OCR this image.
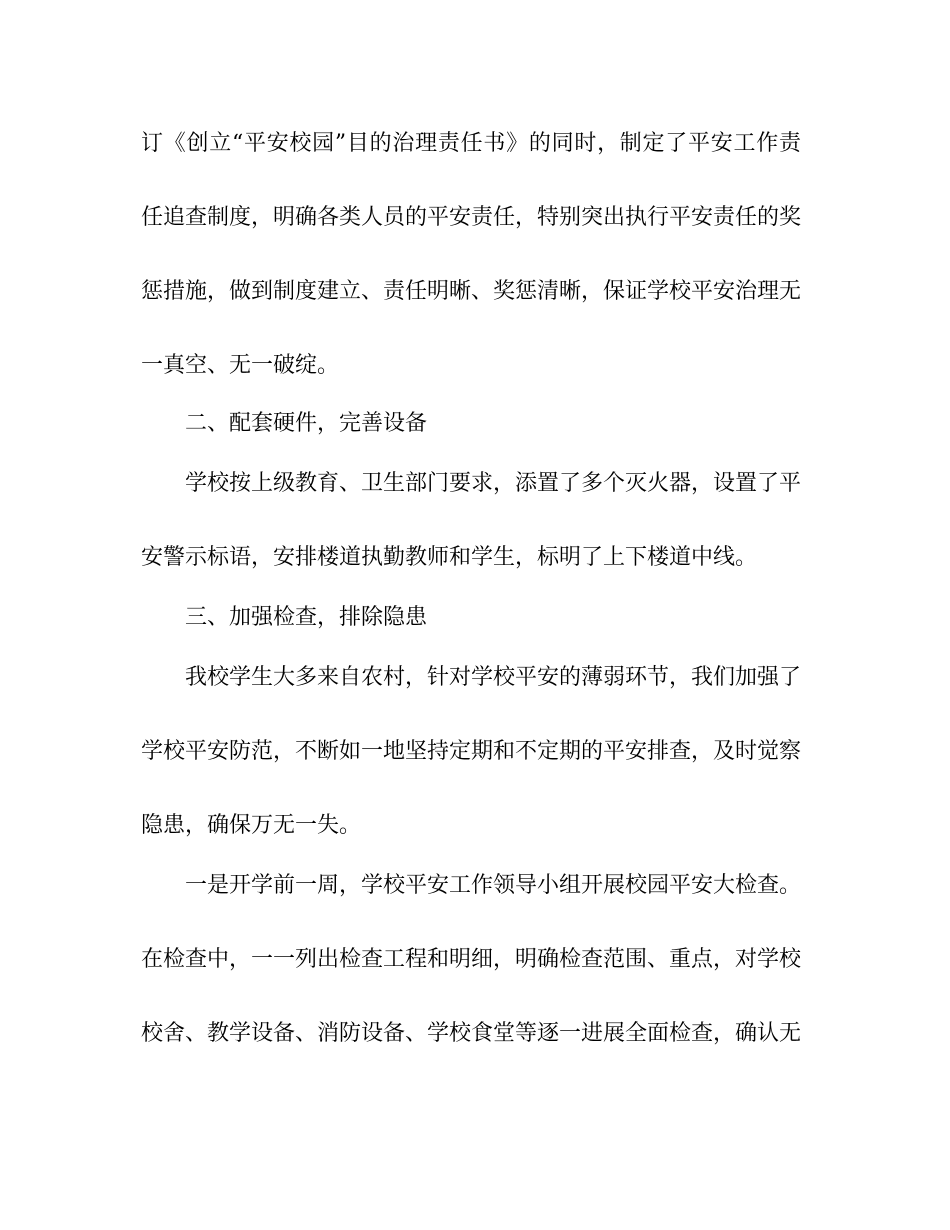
订《创立“平安校园”目的治理责任书》的同时，制定了平安工作责
任追查制度，明确各类人员的平安责任，特别突出执行平安责任的奖
惩措施，做到制度建立、责任明晰、奖惩清晰，保证学校平安治理无
一真空、无一破绽。
二、配套硬件，完善设备
学校按上级教育、卫生部门要求，添置了多个灭火器，设置了平
安警示标语，安排楼道执勤教师和学生，标明了上下楼道中线。
三、加强检查，排除隐患
我校学生大多来自农村，针对学校平安的薄弱环节，我们加强了
学校平安防范，不断如一地坚持定期和不定期的平安排查，及时觉察
隐患，确保万无一失。
一是开学前一周，学校平安工作领导小组开展校园平安大检查。
在检查中，一一列出检查工程和明细，明确检查范围、重点，对学校
校舍、教学设备、消防设备、学校食堂等逐一进展全面检查，确认无
